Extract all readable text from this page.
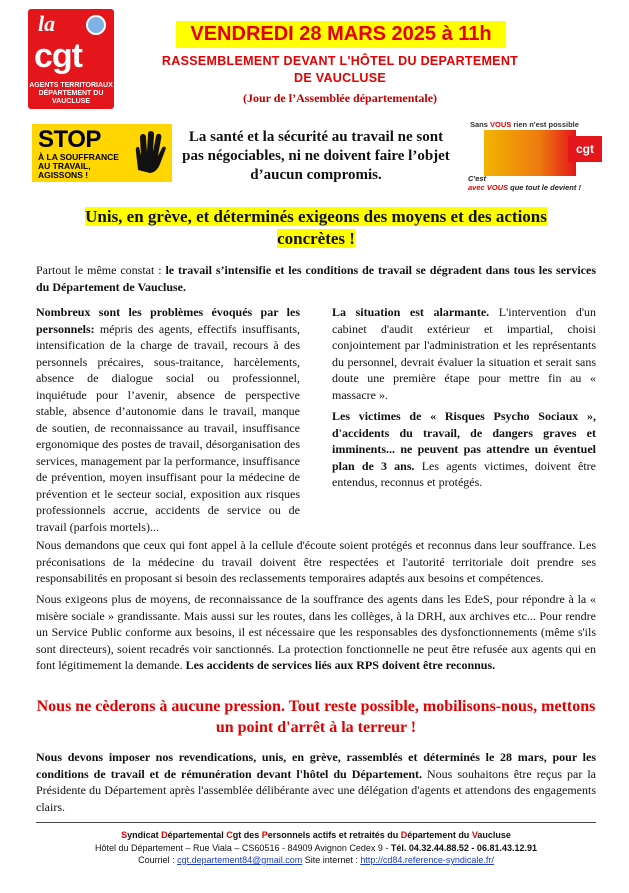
la
cgt
AGENTS TERRITORIAUX
DÉPARTEMENT DU VAUCLUSE
VENDREDI 28 MARS 2025 à 11h
RASSEMBLEMENT DEVANT L'HÔTEL DU DEPARTEMENT
DE VAUCLUSE
(Jour de l’Assemblée départementale)
STOP
À LA SOUFFRANCE
AU TRAVAIL,
AGISSONS !
La santé et la sécurité au travail ne sont pas négociables, ni ne doivent faire l’objet d’aucun compromis.
Sans VOUS rien n'est possible
cgt
C'est
avec VOUS que tout le devient !
Unis, en grève, et déterminés exigeons des moyens et des actions concrètes !
Partout le même constat : le travail s’intensifie et les conditions de travail se dégradent dans tous les services du Département de Vaucluse.
Nombreux sont les problèmes évoqués par les personnels: mépris des agents, effectifs insuffisants, intensification de la charge de travail, recours à des personnels précaires, sous-traitance, harcèlements, absence de dialogue social ou professionnel, inquiétude pour l’avenir, absence de perspective stable, absence d’autonomie dans le travail, manque de soutien, de reconnaissance au travail, insuffisance ergonomique des postes de travail, désorganisation des services, management par la performance, insuffisance de prévention, moyen insuffisant pour la médecine de prévention et le secteur social, exposition aux risques professionnels accrue, accidents de service ou de travail (parfois mortels)...
La situation est alarmante. L'intervention d'un cabinet d'audit extérieur et impartial, choisi conjointement par l'administration et les représentants du personnel, devrait évaluer la situation et serait sans doute une première étape pour mettre fin au « massacre ».
Les victimes de « Risques Psycho Sociaux », d'accidents du travail, de dangers graves et imminents... ne peuvent pas attendre un éventuel plan de 3 ans. Les agents victimes, doivent être entendus, reconnus et protégés.
Nous demandons que ceux qui font appel à la cellule d'écoute soient protégés et reconnus dans leur souffrance. Les préconisations de la médecine du travail doivent être respectées et l'autorité territoriale doit prendre ses responsabilités en proposant si besoin des reclassements temporaires adaptés aux besoins et compétences.
Nous exigeons plus de moyens, de reconnaissance de la souffrance des agents dans les EdeS, pour répondre à la « misère sociale » grandissante. Mais aussi sur les routes, dans les collèges, à la DRH, aux archives etc... Pour rendre un Service Public conforme aux besoins, il est nécessaire que les responsables des dysfonctionnements (même s'ils sont directeurs), soient recadrés voir sanctionnés. La protection fonctionnelle ne peut être refusée aux agents qui en font légitimement la demande. Les accidents de services liés aux RPS doivent être reconnus.
Nous ne cèderons à aucune pression. Tout reste possible, mobilisons-nous, mettons un point d'arrêt à la terreur !
Nous devons imposer nos revendications, unis, en grève, rassemblés et déterminés le 28 mars, pour les conditions de travail et de rémunération devant l'hôtel du Département. Nous souhaitons être reçus par la Présidente du Département après l'assemblée délibérante avec une délégation d'agents et attendons des engagements clairs.
Syndicat Départemental Cgt des Personnels actifs et retraités du Département du Vaucluse
Hôtel du Département – Rue Viala – CS60516 - 84909 Avignon Cedex 9 - Tél. 04.32.44.88.52 - 06.81.43.12.91
Courriel : cgt.departement84@gmail.com Site internet : http://cd84.reference-syndicale.fr/
